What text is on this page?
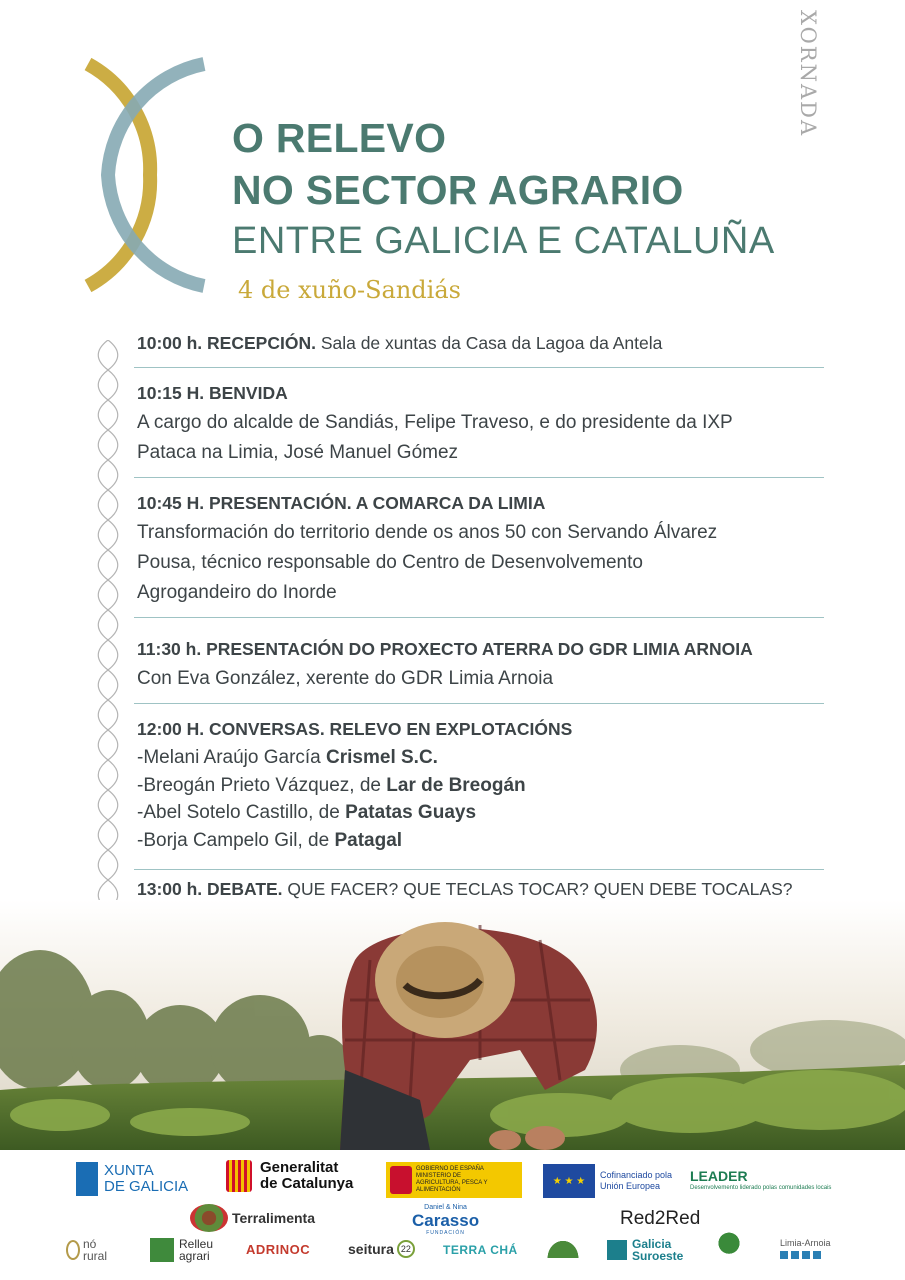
XORNADA
O RELEVO
NO SECTOR AGRARIO
ENTRE GALICIA E CATALUÑA
4 de xuño-Sandiás
10:00 h. RECEPCIÓN. Sala de xuntas da Casa da Lagoa da Antela
10:15 H. BENVIDA
A cargo do alcalde de Sandiás, Felipe Traveso, e do presidente da IXP
Pataca na Limia, José Manuel Gómez
10:45 H. PRESENTACIÓN. A COMARCA DA LIMIA
Transformación do territorio dende os anos 50 con Servando Álvarez
Pousa, técnico responsable do Centro de Desenvolvemento
Agrogandeiro do Inorde
11:30 h. PRESENTACIÓN DO PROXECTO ATERRA DO GDR LIMIA ARNOIA
Con Eva González, xerente do GDR Limia Arnoia
12:00 H. CONVERSAS. RELEVO EN EXPLOTACIÓNS
-Melani Araújo García Crismel S.C.
-Breogán Prieto Vázquez, de Lar de Breogán
-Abel Sotelo Castillo, de Patatas Guays
-Borja Campelo Gil, de Patagal
13:00 h. DEBATE. QUE FACER? QUE TECLAS TOCAR? QUEN DEBE TOCALAS?
XUNTA
DE GALICIA
Generalitat
de Catalunya
GOBIERNO DE ESPAÑA
MINISTERIO DE AGRICULTURA, PESCA Y ALIMENTACIÓN
★ ★ ★
Cofinanciado pola
Unión Europea
LEADER
Desenvolvemento liderado polas comunidades locais
Terralimenta
Daniel & Nina
Carasso
FUNDACIÓN
Red2Red
nó
rural
Relleu
agrari	ADRINOC	seitura 22	TERRA CHÁ	Galicia
Suroeste
Limia-Arnoia
